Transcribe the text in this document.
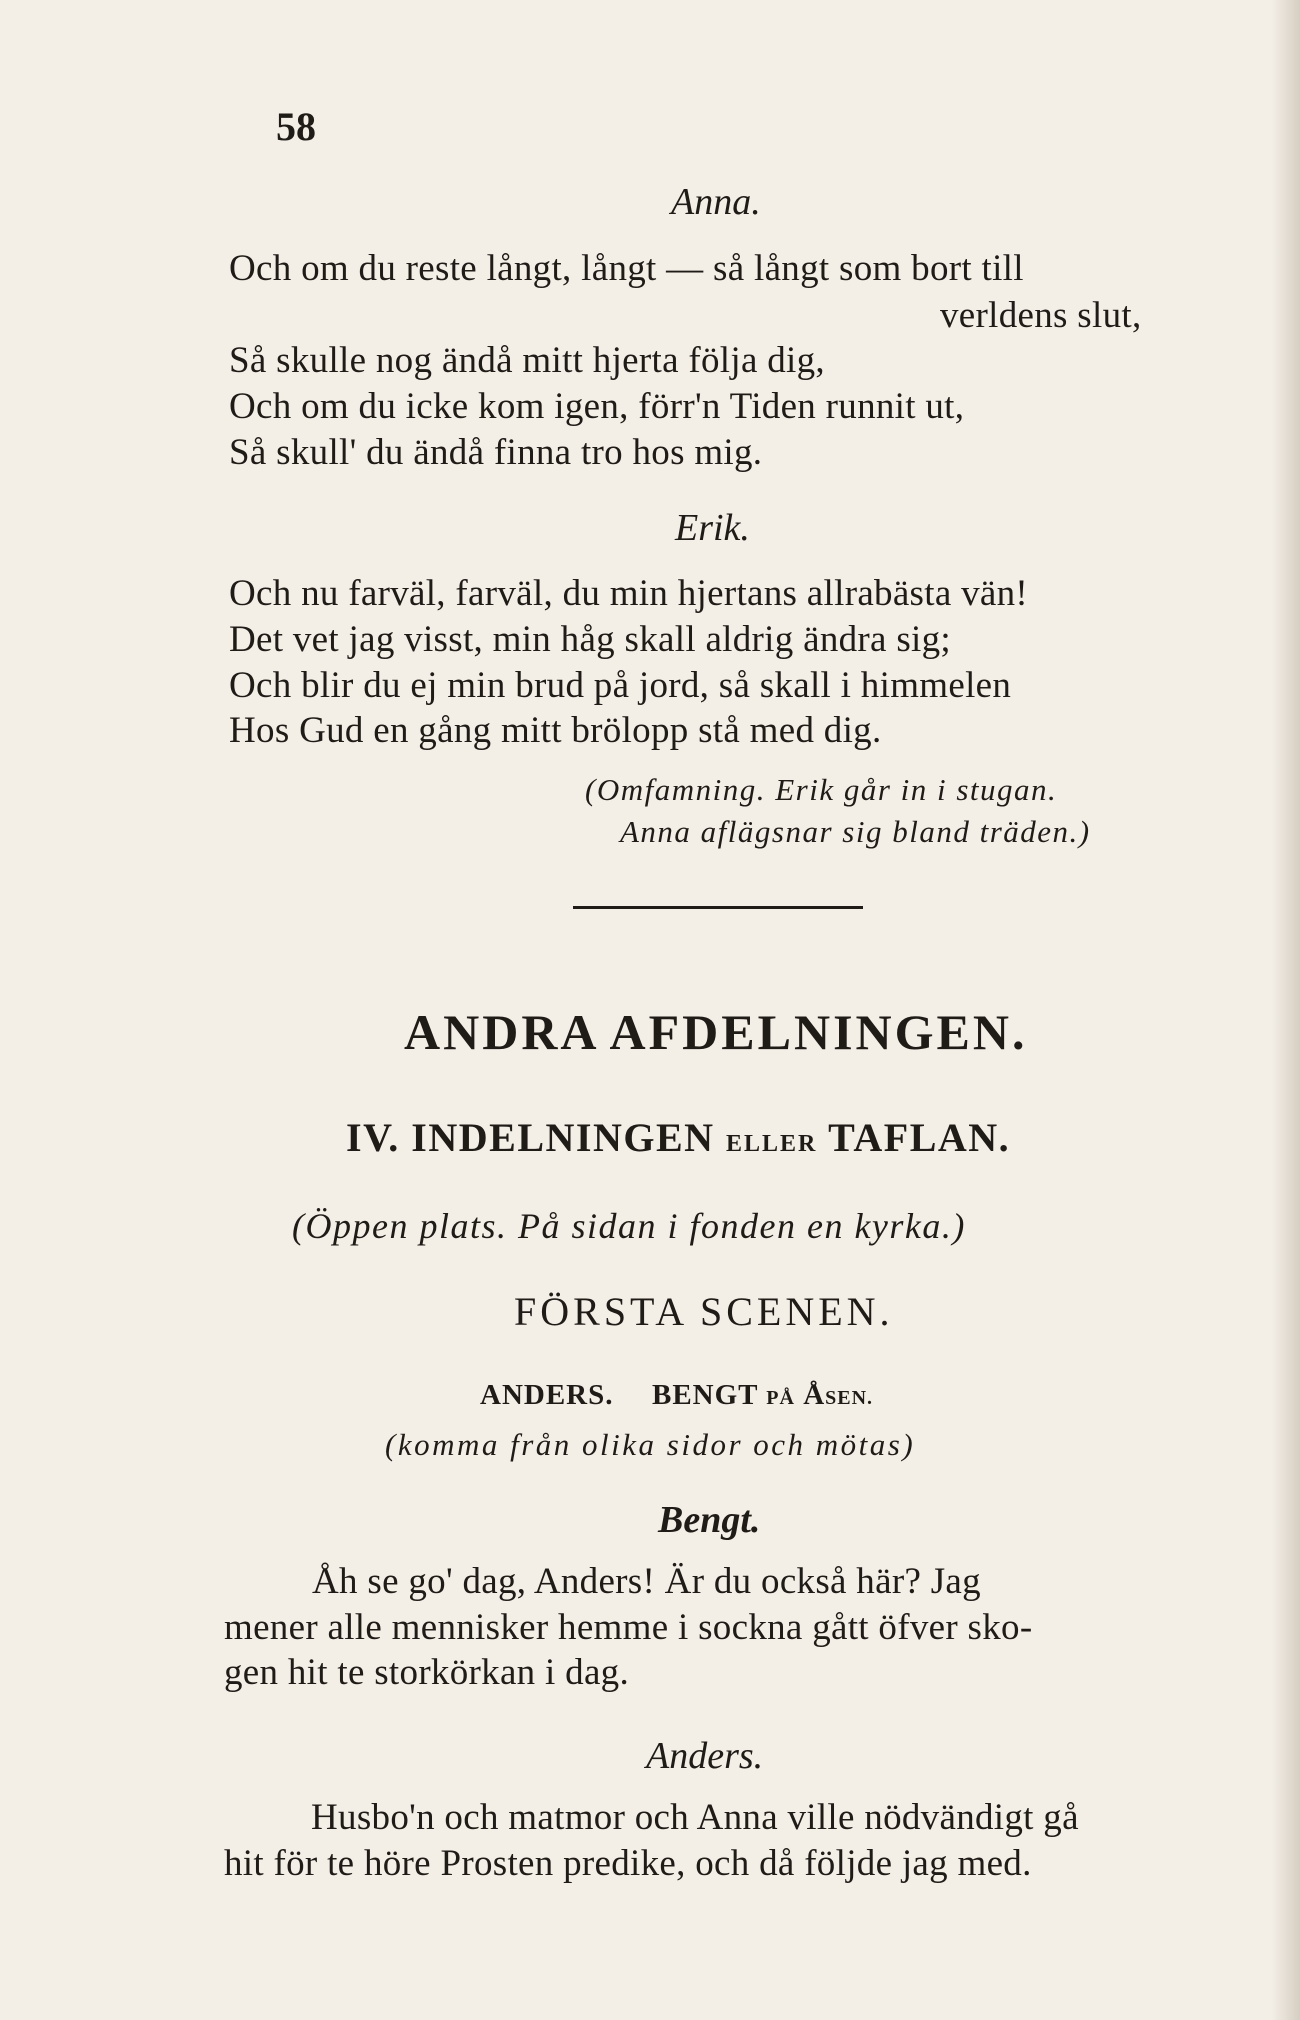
58
Anna.
Och om du reste långt, långt — så långt som bort till
verldens slut,
Så skulle nog ändå mitt hjerta följa dig,
Och om du icke kom igen, förr'n Tiden runnit ut,
Så skull' du ändå finna tro hos mig.
Erik.
Och nu farväl, farväl, du min hjertans allrabästa vän!
Det vet jag visst, min håg skall aldrig ändra sig;
Och blir du ej min brud på jord, så skall i himmelen
Hos Gud en gång mitt brölopp stå med dig.
(Omfamning. Erik går in i stugan.
Anna aflägsnar sig bland träden.)
ANDRA AFDELNINGEN.
IV. INDELNINGEN ELLER TAFLAN.
(Öppen plats. På sidan i fonden en kyrka.)
FÖRSTA SCENEN.
ANDERS. BENGT PÅ ÅSEN.
(komma från olika sidor och mötas)
Bengt.
Åh se go' dag, Anders! Är du också här? Jag
mener alle mennisker hemme i sockna gått öfver sko-
gen hit te storkörkan i dag.
Anders.
Husbo'n och matmor och Anna ville nödvändigt gå
hit för te höre Prosten predike, och då följde jag med.
